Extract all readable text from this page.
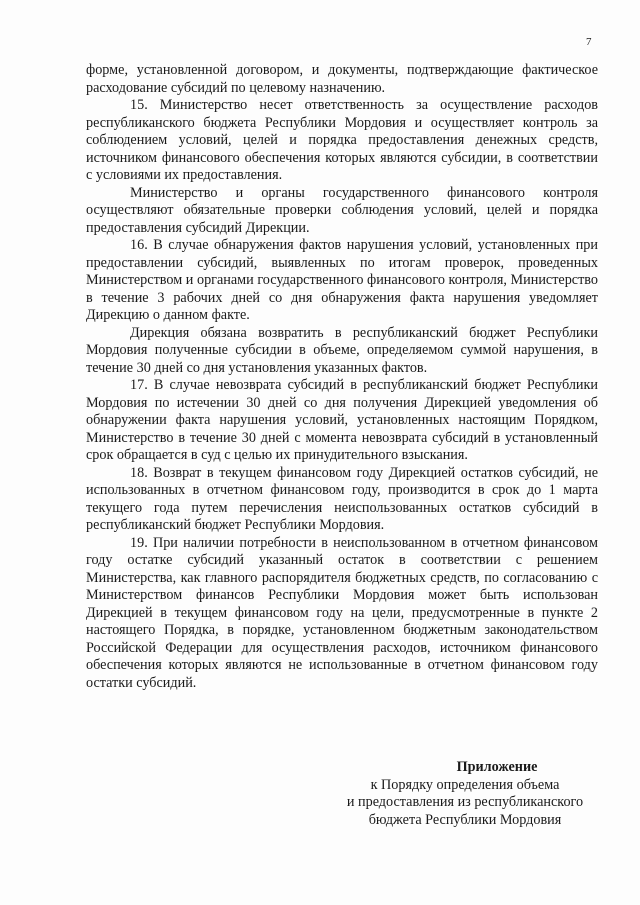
7

форме, установленной договором, и документы, подтверждающие фактическое расходование субсидий по целевому назначению.

15. Министерство несет ответственность за осуществление расходов республиканского бюджета Республики Мордовия и осуществляет контроль за соблюдением условий, целей и порядка предоставления денежных средств, источником финансового обеспечения которых являются субсидии, в соответствии с условиями их предоставления.

Министерство и органы государственного финансового контроля осуществляют обязательные проверки соблюдения условий, целей и порядка предоставления субсидий Дирекции.

16. В случае обнаружения фактов нарушения условий, установленных при предоставлении субсидий, выявленных по итогам проверок, проведенных Министерством и органами государственного финансового контроля, Министерство в течение 3 рабочих дней со дня обнаружения факта нарушения уведомляет Дирекцию о данном факте.

Дирекция обязана возвратить в республиканский бюджет Республики Мордовия полученные субсидии в объеме, определяемом суммой нарушения, в течение 30 дней со дня установления указанных фактов.

17. В случае невозврата субсидий в республиканский бюджет Республики Мордовия по истечении 30 дней со дня получения Дирекцией уведомления об обнаружении факта нарушения условий, установленных настоящим Порядком, Министерство в течение 30 дней с момента невозврата субсидий в установленный срок обращается в суд с целью их принудительного взыскания.

18. Возврат в текущем финансовом году Дирекцией остатков субсидий, не использованных в отчетном финансовом году, производится в срок до 1 марта текущего года путем перечисления неиспользованных остатков субсидий в республиканский бюджет Республики Мордовия.

19. При наличии потребности в неиспользованном в отчетном финансовом году остатке субсидий указанный остаток в соответствии с решением Министерства, как главного распорядителя бюджетных средств, по согласованию с Министерством финансов Республики Мордовия может быть использован Дирекцией в текущем финансовом году на цели, предусмотренные в пункте 2 настоящего Порядка, в порядке, установленном бюджетным законодательством Российской Федерации для осуществления расходов, источником финансового обеспечения которых являются не использованные в отчетном финансовом году остатки субсидий.

Приложение
к Порядку определения объема
и предоставления из республиканского
бюджета Республики Мордовия
